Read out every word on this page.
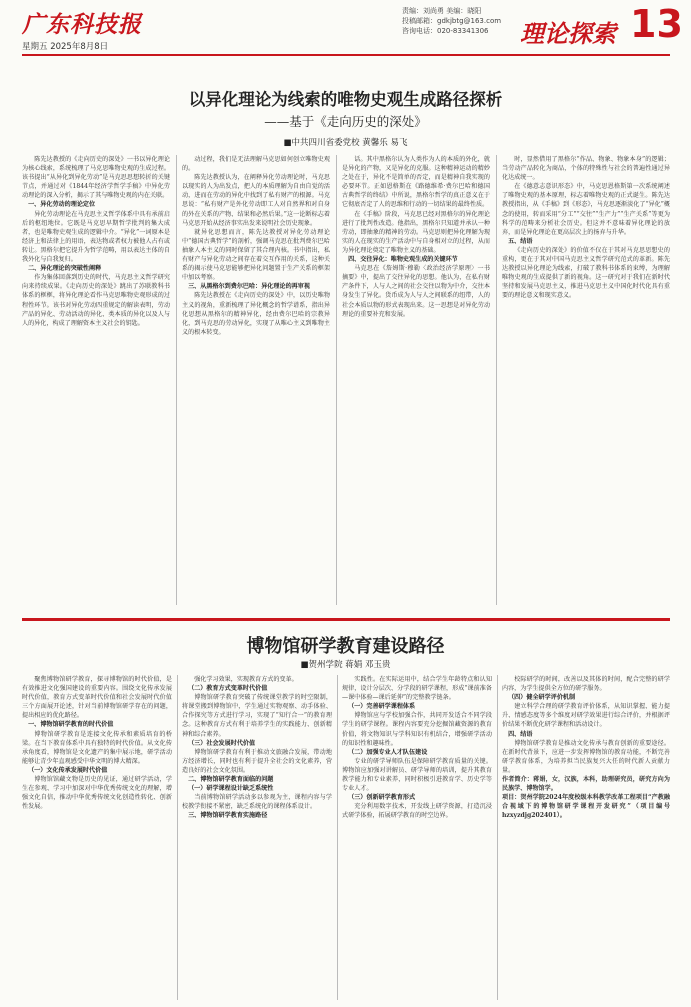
广东科技报
星期五 2025年8月8日
责编：刘尚勇 美编：晓阳
投稿邮箱：gdkjbtg@163.com
咨询电话：020-83341306	理论探索 13
以异化理论为线索的唯物史观生成路径探析
——基于《走向历史的深处》
■中共四川省委党校 黄馨乐 易飞

陈先达教授的《走向历史的深处》一书以异化理论为核心线索，系统梳理了马克思唯物史观的生成过程。该书提出“从异化到异化劳动”是马克思思想转折的关键节点，并通过对《1844年经济学哲学手稿》中异化劳动理论的深入分析，揭示了其与唯物史观的内在关联。

一、异化劳动的理论定位

异化劳动理论在马克思主义哲学体系中具有承前启后的枢纽地位。它既是马克思早期哲学批判的集大成者，也是唯物史观生成的逻辑中介。“异化”一词原本是经济上和法律上的用语，表达物或者权力被他人占有或转让。黑格尔把它提升为哲学范畴，用以表达主体的自我外化与自我复归。

二、异化理论的突破性阐释

作为集体回落到历史的时代，马克思主义哲学研究向来持续成果。《走向历史的深处》跳出了苏联教科书体系的框框，将异化理论看作马克思唯物史观形成的过程性环节。该书对异化劳动四重规定的解读表明，劳动产品的异化、劳动活动的异化、类本质的异化以及人与人的异化，构成了理解资本主义社会的钥匙。

动过程，我们是无法理解马克思如何创立唯物史观的。

陈先达教授认为，在阐释异化劳动理论时，马克思以现实的人为出发点，把人的本质理解为自由自觉的活动，进而在劳动的异化中找到了私有财产的根源。马克思说：“私有财产是外化劳动即工人对自然界和对自身的外在关系的产物、结果和必然后果。”这一论断标志着马克思开始从经济事实出发来说明社会历史现象。

就异化思想而言，陈先达教授对异化劳动理论中“德国古典哲学”的剖析，强调马克思在批判费尔巴哈抽象人本主义的同时保留了其合理内核。书中指出，私有财产与异化劳动之间存在着交互作用的关系，这种关系的揭示使马克思能够把异化问题置于生产关系的框架中加以考察。

三、从黑格尔到费尔巴哈：异化理论的再审视

陈先达教授在《走向历史的深处》中，以历史唯物主义的视角，重新梳理了异化概念的哲学谱系，指出异化思想从黑格尔的精神异化，经由费尔巴哈的宗教异化，到马克思的劳动异化，实现了从唯心主义到唯物主义的根本转变。

话。其中黑格尔认为人类作为人的本质的外化，就是异化的产物，又是异化的克服。这种精神运动的精妙之处在于，异化不是简单的否定，而是精神自我实现的必要环节。正如恩格斯在《路德维希·费尔巴哈和德国古典哲学的终结》中所说，黑格尔哲学的真正意义在于它彻底否定了人的思维和行动的一切结果的最终性质。

在《手稿》阶段，马克思已经对黑格尔的异化理论进行了批判性改造。他指出，黑格尔只知道并承认一种劳动，即抽象的精神的劳动。马克思则把异化理解为现实的人在现实的生产活动中与自身相对立的过程，从而为异化理论奠定了唯物主义的基础。

四、交往异化：唯物史观生成的关键环节

马克思在《詹姆斯·穆勒〈政治经济学原理〉一书摘要》中，提出了交往异化的思想。他认为，在私有财产条件下，人与人之间的社会交往以物为中介，交往本身发生了异化。货币成为人与人之间联系的纽带，人的社会本质以物的形式表现出来。这一思想是对异化劳动理论的重要补充和发展。

时，显然借用了黑格尔“作品、物象、物象本身”的逻辑；当劳动产品转化为商品，个体的特殊性与社会的普遍性通过异化达成统一。

在《德意志意识形态》中，马克思恩格斯第一次系统阐述了唯物史观的基本原理，标志着唯物史观的正式诞生。陈先达教授指出，从《手稿》到《形态》，马克思逐渐淡化了“异化”概念的使用，转而采用“分工”“交往”“生产力”“生产关系”等更为科学的范畴来分析社会历史。但这并不意味着异化理论的放弃，而是异化理论在更高层次上的扬弃与升华。

五、结语

《走向历史的深处》的价值不仅在于其对马克思思想史的重构，更在于其对中国马克思主义哲学研究范式的革新。陈先达教授以异化理论为线索，打破了教科书体系的束缚，为理解唯物史观的生成提供了新的视角。这一研究对于我们在新时代坚持和发展马克思主义，推进马克思主义中国化时代化具有重要的理论意义和现实意义。

博物馆研学教育建设路径
■贺州学院 蒋娟 邓玉贵

聚焦博物馆研学教育，探寻博物馆的时代价值，是有效推进文化强国建设的重要内容。围绕文化传承发展时代价值，教育方式变革时代价值和社会发展时代价值三个方面展开论述，针对当前博物馆研学存在的问题，提出相应的优化路径。

一、博物馆研学教育的时代价值

博物馆研学教育是连接文化传承和素质培育的桥梁。在当下教育体系中具有独特的时代价值。从文化传承角度看，博物馆是文化遗产的集中展示地，研学活动能够让青少年直观感受中华文明的博大精深。

（一）文化传承发展时代价值

博物馆馆藏文物是历史的见证，通过研学活动，学生在参观、学习中加深对中华优秀传统文化的理解，增强文化自信，推动中华优秀传统文化创造性转化、创新性发展。

强化学习效果，实现教育方式的变革。

（二）教育方式变革时代价值

博物馆研学教育突破了传统课堂教学的时空限制，将课堂搬到博物馆中，学生通过实物观察、动手体验、合作探究等方式进行学习，实现了“知行合一”的教育理念。这种教育方式有利于培养学生的实践能力、创新精神和综合素养。

（三）社会发展时代价值

博物馆研学教育有利于推动文旅融合发展，带动地方经济增长，同时也有利于提升全社会的文化素养，营造良好的社会文化氛围。

二、博物馆研学教育面临的问题

（一）研学课程设计缺乏系统性

当前博物馆研学活动多以参观为主，课程内容与学校教学衔接不紧密，缺乏系统化的课程体系设计。

三、博物馆研学教育实施路径

实践性。在实际运用中，结合学生年龄特点和认知规律，设计分层次、分学段的研学课程，形成“课前准备—课中体验—课后延伸”的完整教学链条。

（一）完善研学课程体系

博物馆应与学校加强合作，共同开发适合不同学段学生的研学课程。课程内容要充分挖掘馆藏资源的教育价值，将文物知识与学科知识有机结合，增强研学活动的知识性和趣味性。

（二）加强专业人才队伍建设

专业的研学导师队伍是保障研学教育质量的关键。博物馆应加强对讲解员、研学导师的培训，提升其教育教学能力和专业素养，同时积极引进教育学、历史学等专业人才。

（三）创新研学教育形式

充分利用数字技术，开发线上研学资源，打造沉浸式研学体验，拓展研学教育的时空边界。

校际研学的时间，改善以及其体的时间，配合完整的研学内容，为学生提供全方位的研学服务。

（四）健全研学评价机制

建立科学合理的研学教育评价体系，从知识掌握、能力提升、情感态度等多个维度对研学效果进行综合评价，并根据评价结果不断优化研学课程和活动设计。

四、结语

博物馆研学教育是推动文化传承与教育创新的重要途径。在新时代背景下，应进一步发挥博物馆的教育功能，不断完善研学教育体系，为培养担当民族复兴大任的时代新人贡献力量。

作者简介：蒋娟，女，汉族，本科，助理研究员，研究方向为民族学、博物馆学。

项目：贺州学院2024年度校级本科教学改革工程项目“产教融合视域下的博物馆研学课程开发研究”（项目编号hzxyzdjg202401）。
